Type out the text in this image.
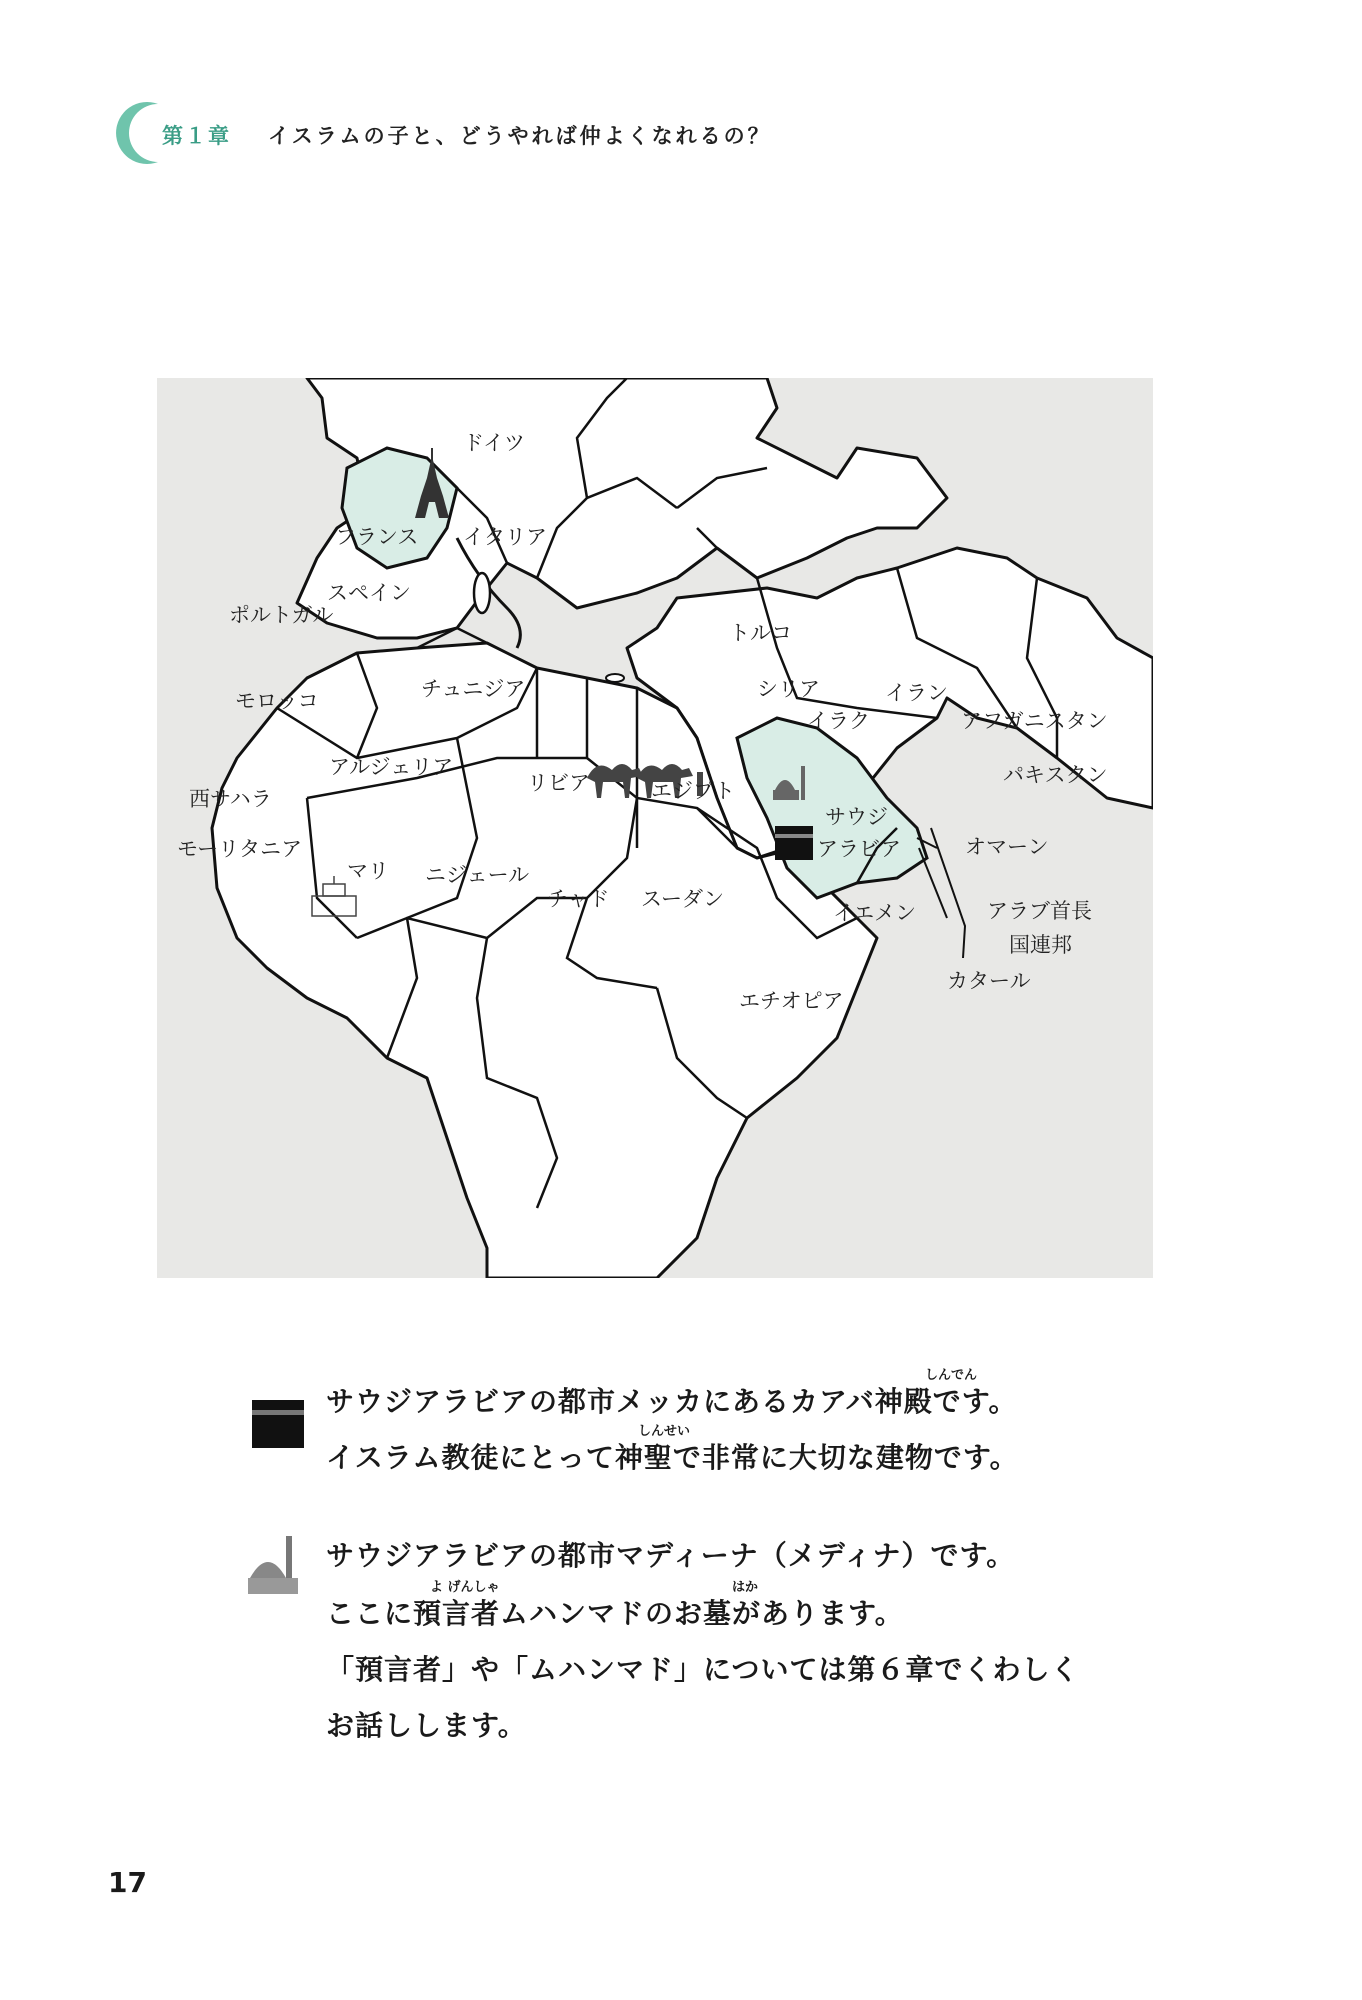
第１章 イスラムの子と、どうやれば仲よくなれるの？
ドイツ
フランス イタリア
スペイン
ポルトガル
モロッコ	チュニジア
アルジェリア
西サハラ
モーリタニア
マリ ニジェール
リビア	エジプト
チャド スーダン
エチオピア
トルコ
シリア
イラク
イラン
アフガニスタン
パキスタン
サウジ
アラビア	オマーン
イエメン	アラブ首長
国連邦
カタール
しんでん
サウジアラビアの都市メッカにあるカアバ神殿です。
しんせい
イスラム教徒にとって神聖で非常に大切な建物です。
サウジアラビアの都市マディーナ（メディナ）です。
よ げんしゃ	はか
ここに預言者ムハンマドのお墓があります。
「預言者」や「ムハンマド」については第６章でくわしく
お話しします。
17
